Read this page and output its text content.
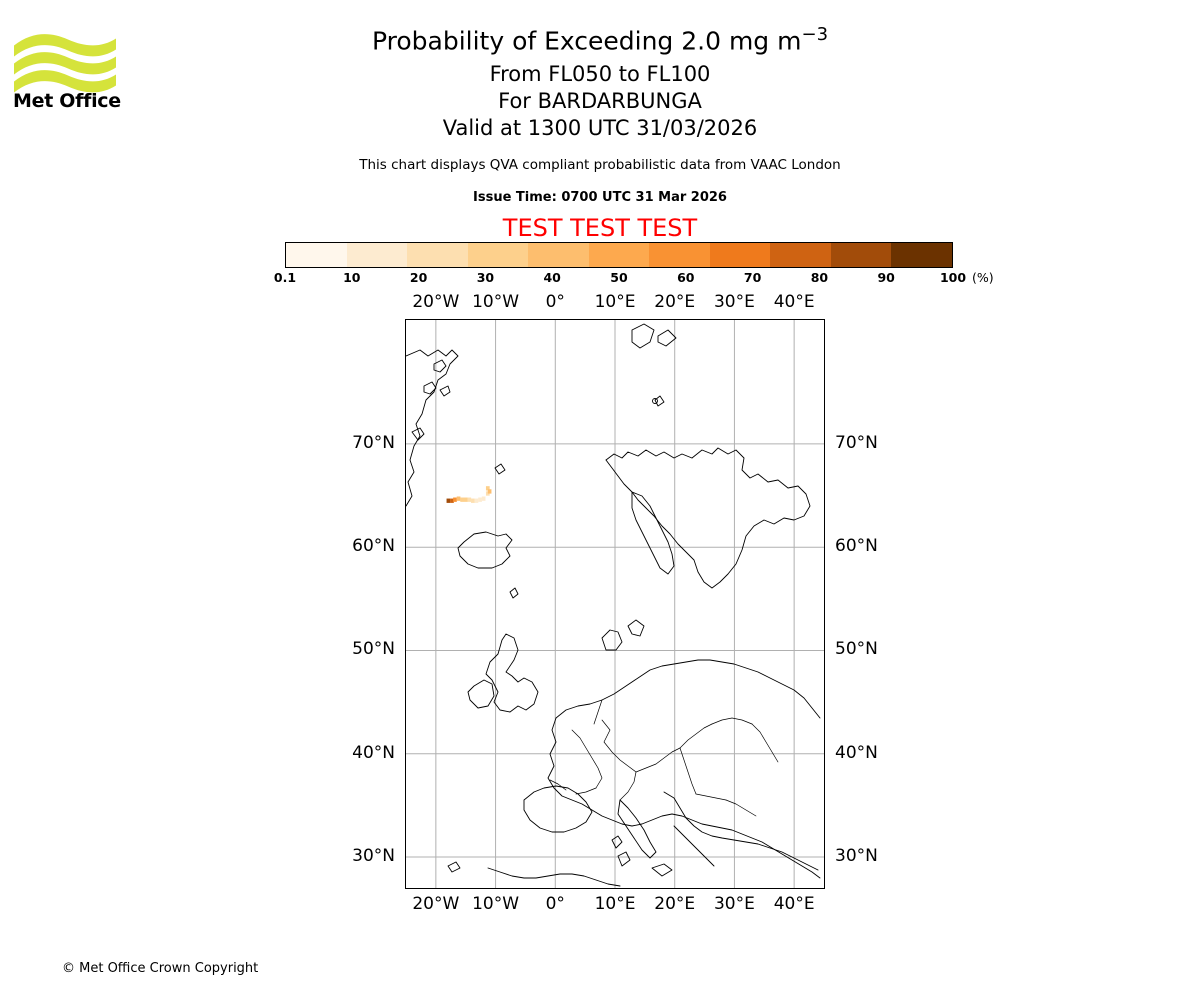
Met Office
Probability of Exceeding 2.0 mg $m^{-3}$
From FL050 to FL100
For BARDARBUNGA
Valid at 1300 UTC 31/03/2026
This chart displays QVA compliant probabilistic data from VAAC London
Issue Time: 0700 UTC 31 Mar 2026
TEST TEST TEST
0.1	10	20	30	40	50	60	70	80	90	100 (%)
20°W
20°W
10°W
10°W
0°
0°
10°E
10°E
20°E
20°E
30°E
30°E
40°E
40°E
70°N	70°N
60°N	60°N
50°N	50°N
40°N	40°N
30°N	30°N
© Met Office Crown Copyright
